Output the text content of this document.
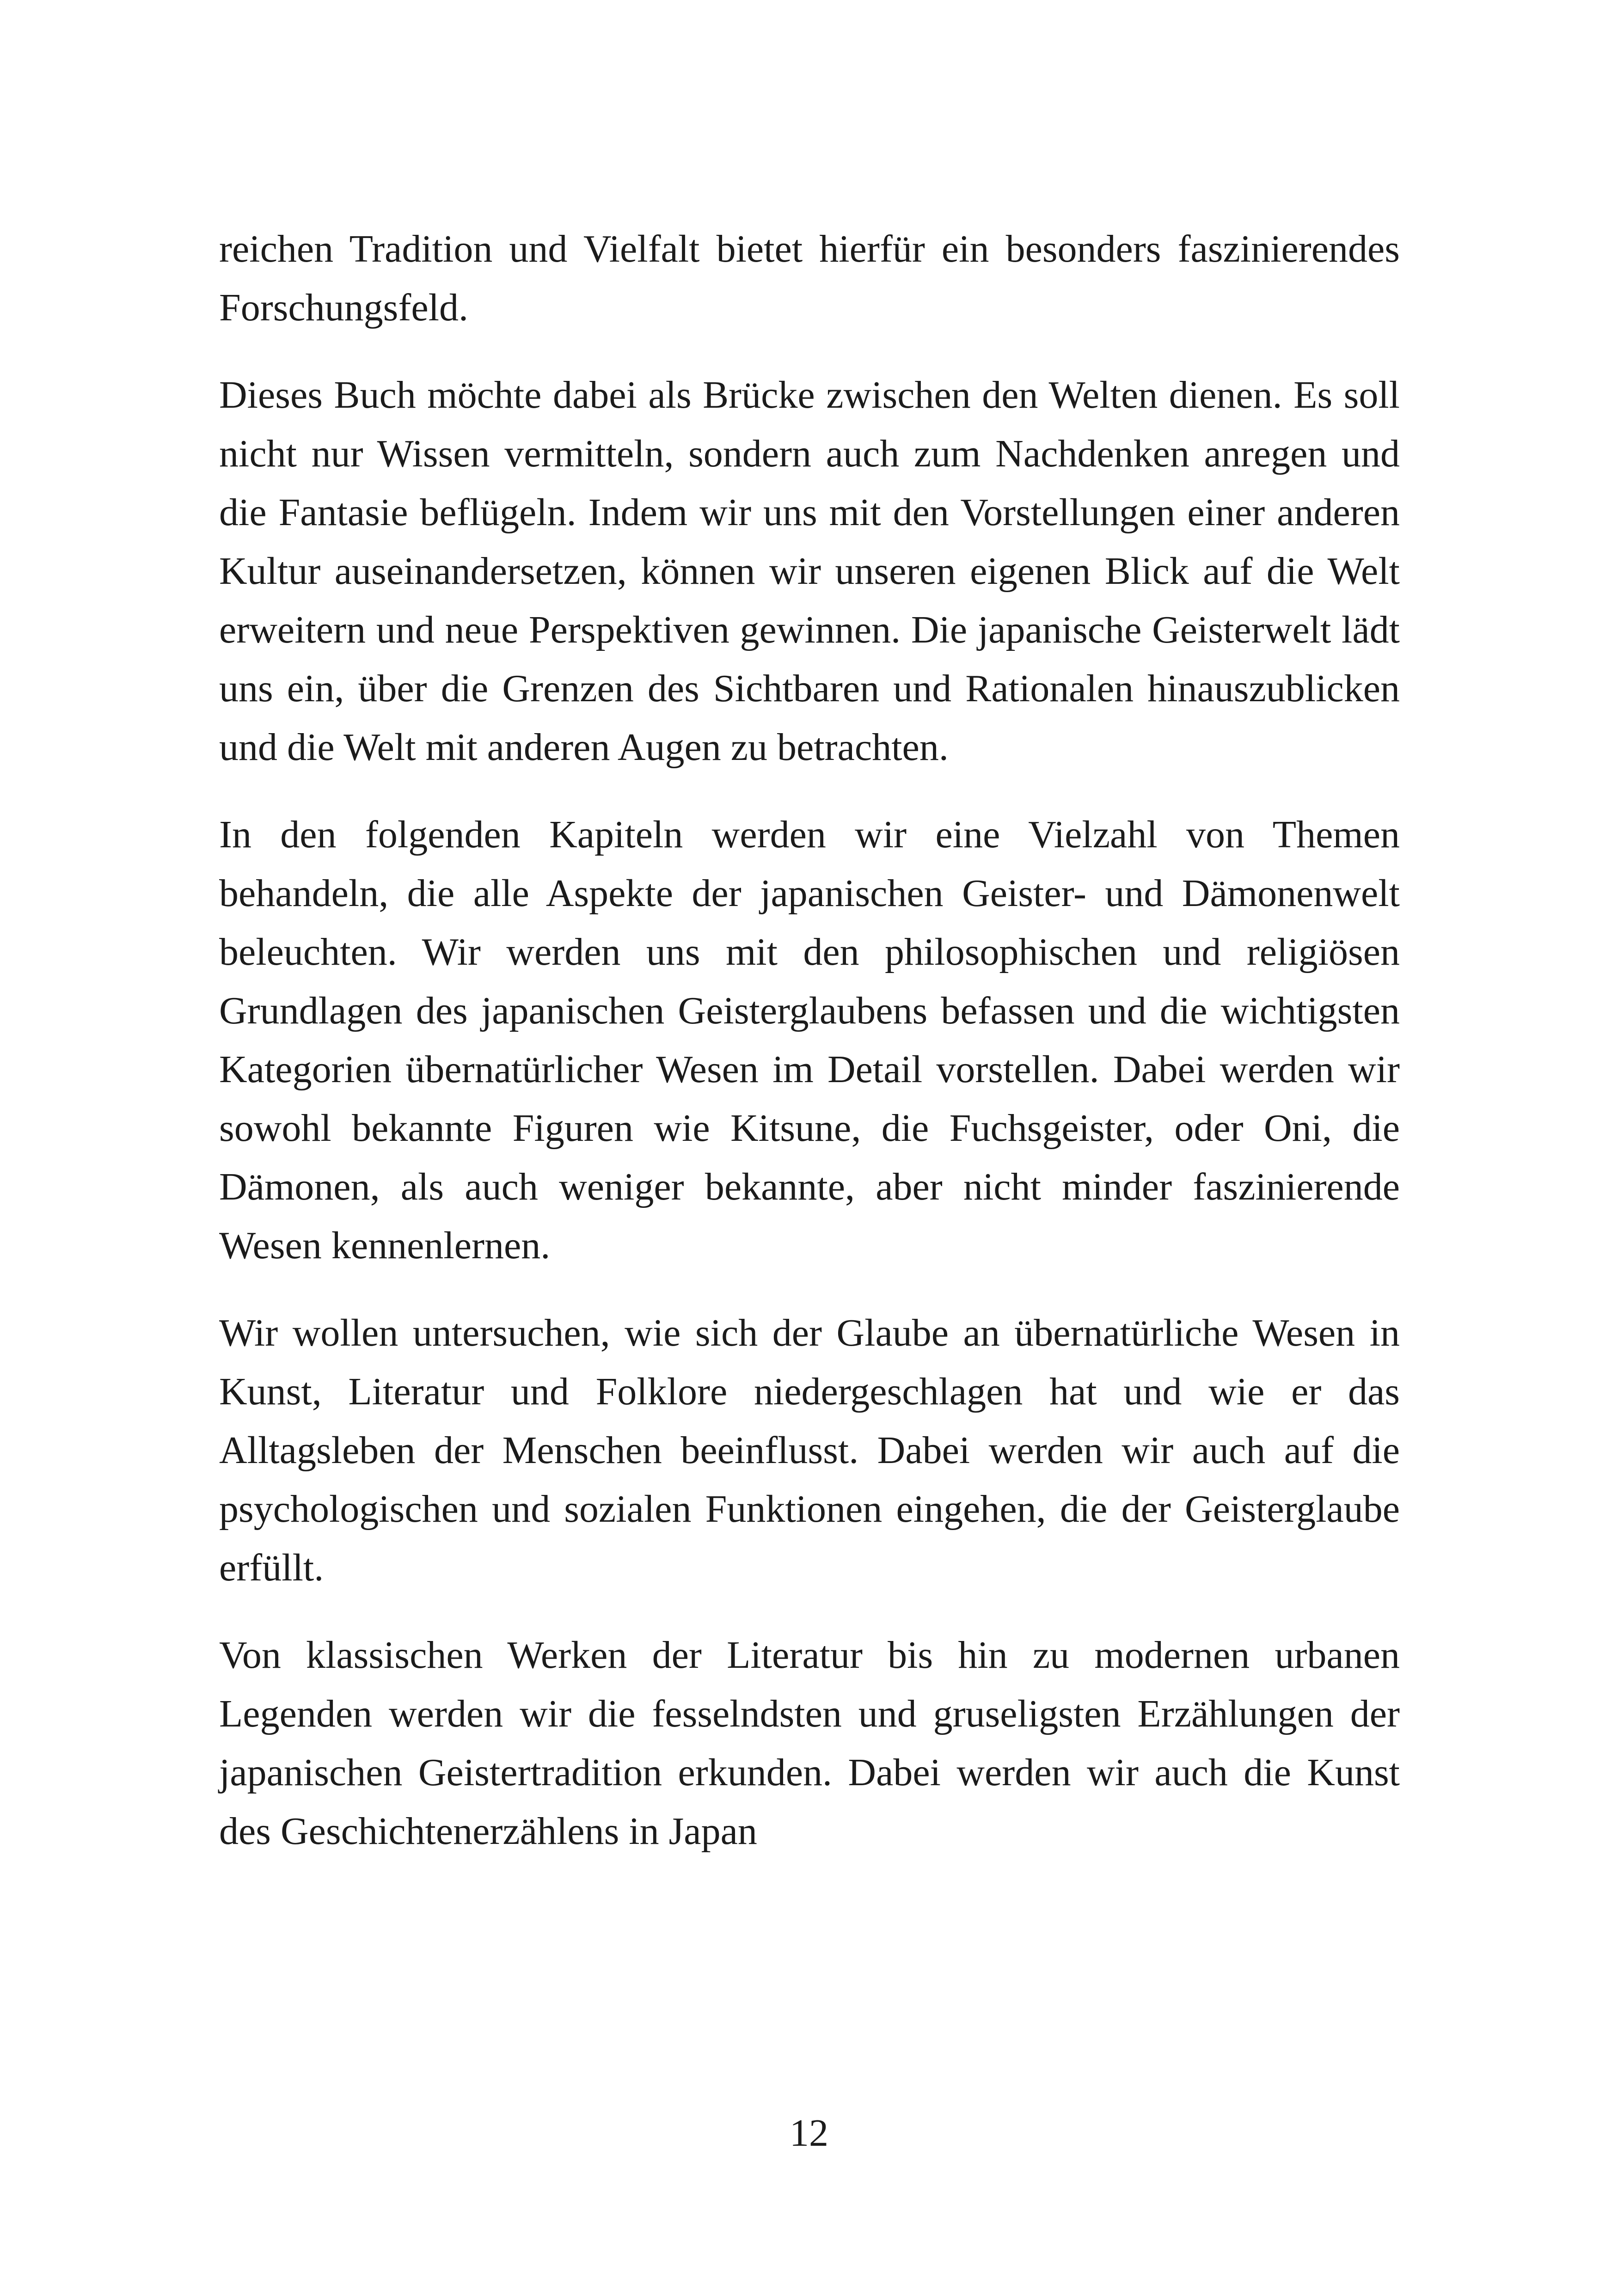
reichen Tradition und Vielfalt bietet hierfür ein besonders faszinierendes Forschungsfeld.

Dieses Buch möchte dabei als Brücke zwischen den Welten dienen. Es soll nicht nur Wissen vermitteln, sondern auch zum Nachdenken anregen und die Fantasie beflügeln. Indem wir uns mit den Vorstellungen einer anderen Kultur auseinandersetzen, können wir unseren eigenen Blick auf die Welt erweitern und neue Perspektiven gewinnen. Die japanische Geisterwelt lädt uns ein, über die Grenzen des Sichtbaren und Rationalen hinauszublicken und die Welt mit anderen Augen zu betrachten.

In den folgenden Kapiteln werden wir eine Vielzahl von Themen behandeln, die alle Aspekte der japanischen Geister- und Dämonenwelt beleuchten. Wir werden uns mit den philosophischen und religiösen Grundlagen des japanischen Geisterglaubens befassen und die wichtigsten Kategorien übernatürlicher Wesen im Detail vorstellen. Dabei werden wir sowohl bekannte Figuren wie Kitsune, die Fuchsgeister, oder Oni, die Dämonen, als auch weniger bekannte, aber nicht minder faszinierende Wesen kennenlernen.

Wir wollen untersuchen, wie sich der Glaube an übernatürliche Wesen in Kunst, Literatur und Folklore niedergeschlagen hat und wie er das Alltagsleben der Menschen beeinflusst. Dabei werden wir auch auf die psychologischen und sozialen Funktionen eingehen, die der Geisterglaube erfüllt.

Von klassischen Werken der Literatur bis hin zu modernen urbanen Legenden werden wir die fesselndsten und gruseligsten Erzählungen der japanischen Geistertradition erkunden. Dabei werden wir auch die Kunst des Geschichtenerzählens in Japan

12
